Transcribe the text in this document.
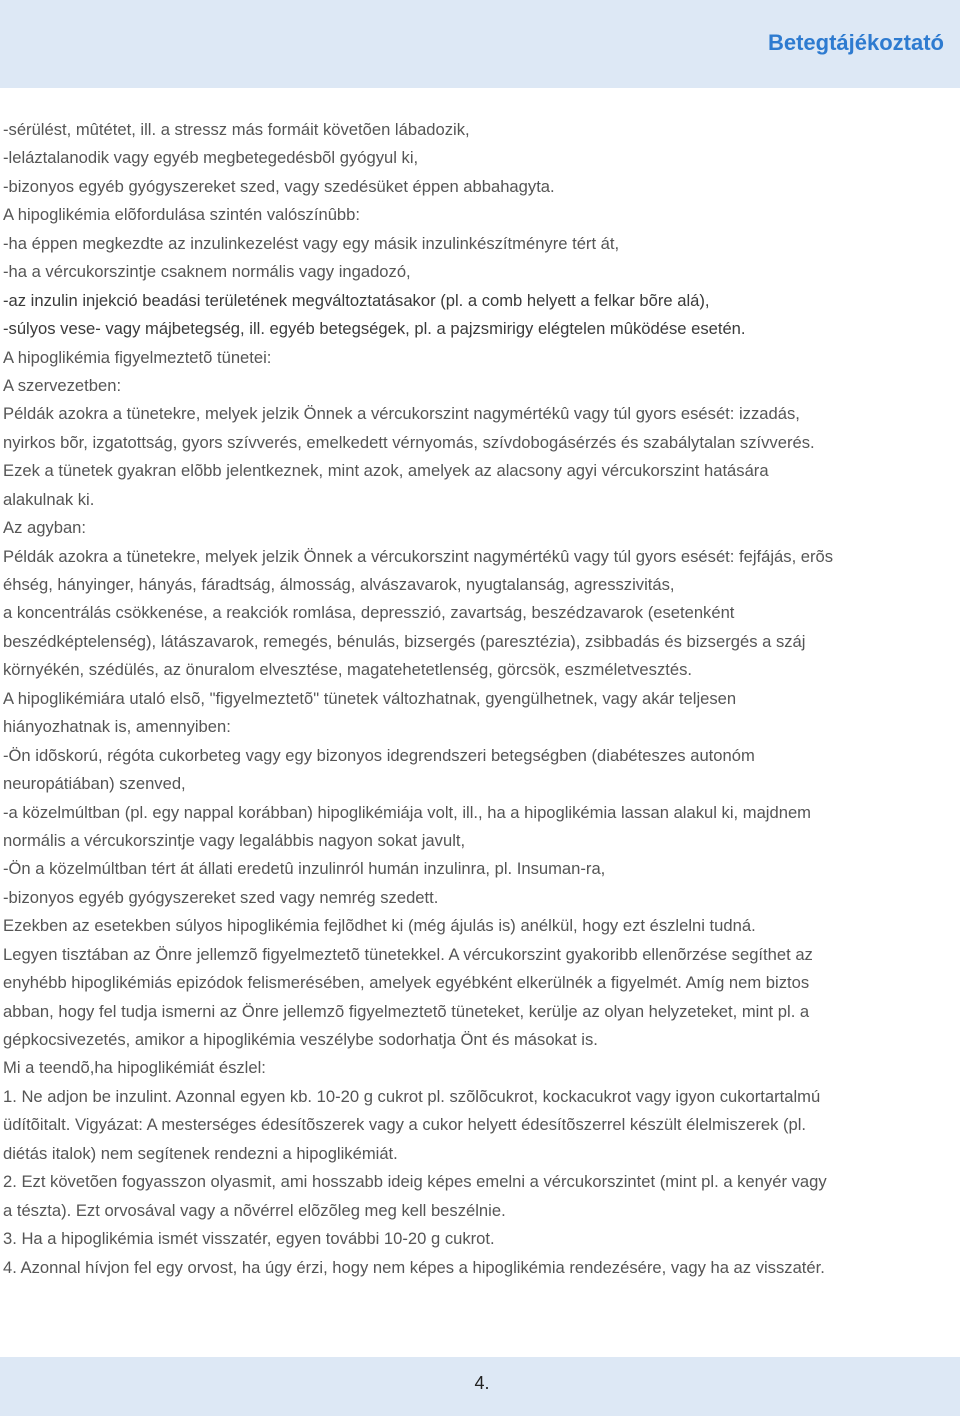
Betegtájékoztató
-sérülést, mûtétet, ill. a stressz más formáit követõen lábadozik,
-leláztalanodik vagy egyéb megbetegedésbõl gyógyul ki,
-bizonyos egyéb gyógyszereket szed, vagy szedésüket éppen abbahagyta.
A hipoglikémia elõfordulása szintén valószínûbb:
-ha éppen megkezdte az inzulinkezelést vagy egy másik inzulinkészítményre tért át,
-ha a vércukorszintje csaknem normális vagy ingadozó,
-az inzulin injekció beadási területének megváltoztatásakor (pl. a comb helyett a felkar bõre alá),
-súlyos vese- vagy májbetegség, ill. egyéb betegségek, pl. a pajzsmirigy elégtelen mûködése esetén.
A hipoglikémia figyelmeztetõ tünetei:
A szervezetben:
Példák azokra a tünetekre, melyek jelzik Önnek a vércukorszint nagymértékû vagy túl gyors esését: izzadás,
nyirkos bõr, izgatottság, gyors szívverés, emelkedett vérnyomás, szívdobogásérzés és szabálytalan szívverés.
Ezek a tünetek gyakran elõbb jelentkeznek, mint azok, amelyek az alacsony agyi vércukorszint hatására
alakulnak ki.
Az agyban:
Példák azokra a tünetekre, melyek jelzik Önnek a vércukorszint nagymértékû vagy túl gyors esését: fejfájás, erõs
éhség, hányinger, hányás, fáradtság, álmosság, alvászavarok, nyugtalanság, agresszivitás,
a koncentrálás csökkenése, a reakciók romlása, depresszió, zavartság, beszédzavarok (esetenként
beszédképtelenség), látászavarok, remegés, bénulás, bizsergés (paresztézia), zsibbadás és bizsergés a száj
környékén, szédülés, az önuralom elvesztése, magatehetetlenség, görcsök, eszméletvesztés.
A hipoglikémiára utaló elsõ, "figyelmeztetõ" tünetek változhatnak, gyengülhetnek, vagy akár teljesen
hiányozhatnak is, amennyiben:
-Ön idõskorú, régóta cukorbeteg vagy egy bizonyos idegrendszeri betegségben (diabéteszes autonóm
neuropátiában) szenved,
-a közelmúltban (pl. egy nappal korábban) hipoglikémiája volt, ill., ha a hipoglikémia lassan alakul ki, majdnem
normális a vércukorszintje vagy legalábbis nagyon sokat javult,
-Ön a közelmúltban tért át állati eredetû inzulinról humán inzulinra, pl. Insuman-ra,
-bizonyos egyéb gyógyszereket szed vagy nemrég szedett.
Ezekben az esetekben súlyos hipoglikémia fejlõdhet ki (még ájulás is) anélkül, hogy ezt észlelni tudná.
Legyen tisztában az Önre jellemzõ figyelmeztetõ tünetekkel. A vércukorszint gyakoribb ellenõrzése segíthet az
enyhébb hipoglikémiás epizódok felismerésében, amelyek egyébként elkerülnék a figyelmét. Amíg nem biztos
abban, hogy fel tudja ismerni az Önre jellemzõ figyelmeztetõ tüneteket, kerülje az olyan helyzeteket, mint pl. a
gépkocsivezetés, amikor a hipoglikémia veszélybe sodorhatja Önt és másokat is.
Mi a teendõ,ha hipoglikémiát észlel:
1. Ne adjon be inzulint. Azonnal egyen kb. 10-20 g cukrot pl. szõlõcukrot, kockacukrot vagy igyon cukortartalmú
üdítõitalt. Vigyázat: A mesterséges édesítõszerek vagy a cukor helyett édesítõszerrel készült élelmiszerek (pl.
diétás italok) nem segítenek rendezni a hipoglikémiát.
2. Ezt követõen fogyasszon olyasmit, ami hosszabb ideig képes emelni a vércukorszintet (mint pl. a kenyér vagy
a tészta). Ezt orvosával vagy a nõvérrel elõzõleg meg kell beszélnie.
3. Ha a hipoglikémia ismét visszatér, egyen további 10-20 g cukrot.
4. Azonnal hívjon fel egy orvost, ha úgy érzi, hogy nem képes a hipoglikémia rendezésére, vagy ha az visszatér.
4.
